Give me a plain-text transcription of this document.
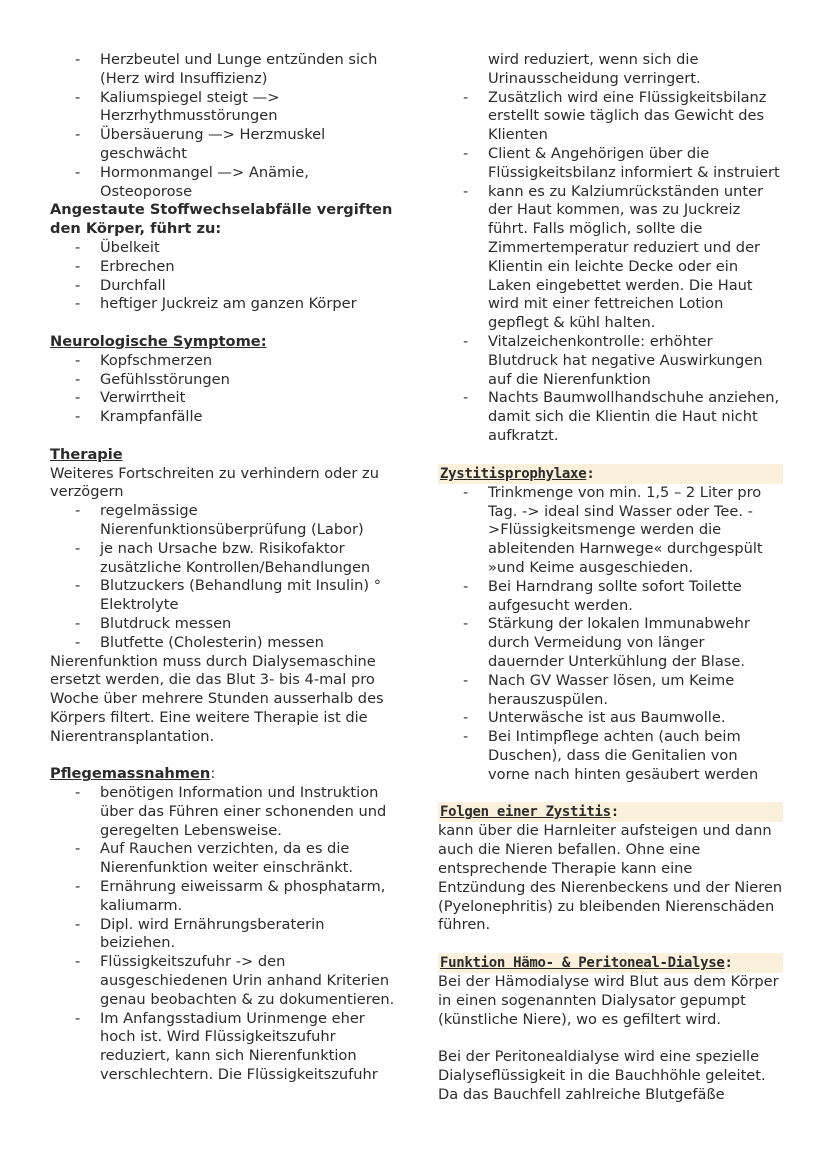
- Herzbeutel und Lunge entzünden sich (Herz wird Insuffizienz)
- Kaliumspiegel steigt —> Herzrhythmusstörungen
- Übersäuerung —> Herzmuskel geschwächt
- Hormonmangel —> Anämie, Osteoporose

Angestaute Stoffwechselabfälle vergiften den Körper, führt zu:

- Übelkeit
- Erbrechen
- Durchfall
- heftiger Juckreiz am ganzen Körper

Neurologische Symptome:

- Kopfschmerzen
- Gefühlsstörungen
- Verwirrtheit
- Krampfanfälle

Therapie

Weiteres Fortschreiten zu verhindern oder zu verzögern

- regelmässige Nierenfunktionsüberprüfung (Labor)
- je nach Ursache bzw. Risikofaktor zusätzliche Kontrollen/Behandlungen
- Blutzuckers (Behandlung mit Insulin) ° Elektrolyte
- Blutdruck messen
- Blutfette (Cholesterin) messen

Nierenfunktion muss durch Dialysemaschine ersetzt werden, die das Blut 3- bis 4-mal pro Woche über mehrere Stunden ausserhalb des Körpers filtert. Eine weitere Therapie ist die Nierentransplantation.

Pflegemassnahmen:

- benötigen Information und Instruktion über das Führen einer schonenden und geregelten Lebensweise.
- Auf Rauchen verzichten, da es die Nierenfunktion weiter einschränkt.
- Ernährung eiweissarm & phosphatarm, kaliumarm.
- Dipl. wird Ernährungsberaterin beiziehen.
- Flüssigkeitszufuhr -> den ausgeschiedenen Urin anhand Kriterien genau beobachten & zu dokumentieren.
- Im Anfangsstadium Urinmenge eher hoch ist. Wird Flüssigkeitszufuhr reduziert, kann sich Nierenfunktion verschlechtern. Die Flüssigkeitszufuhr

wird reduziert, wenn sich die Urinausscheidung verringert.

- Zusätzlich wird eine Flüssigkeitsbilanz erstellt sowie täglich das Gewicht des Klienten
- Client & Angehörigen über die Flüssigkeitsbilanz informiert & instruiert
- kann es zu Kalziumrückständen unter der Haut kommen, was zu Juckreiz führt. Falls möglich, sollte die Zimmertemperatur reduziert und der Klientin ein leichte Decke oder ein Laken eingebettet werden. Die Haut wird mit einer fettreichen Lotion gepflegt & kühl halten.
- Vitalzeichenkontrolle: erhöhter Blutdruck hat negative Auswirkungen auf die Nierenfunktion
- Nachts Baumwollhandschuhe anziehen, damit sich die Klientin die Haut nicht aufkratzt.
Zystitisprophylaxe:
- Trinkmenge von min. 1,5 – 2 Liter pro Tag. -> ideal sind Wasser oder Tee. ->Flüssigkeitsmenge werden die ableitenden Harnwege« durchgespült »und Keime ausgeschieden.
- Bei Harndrang sollte sofort Toilette aufgesucht werden.
- Stärkung der lokalen Immunabwehr durch Vermeidung von länger dauernder Unterkühlung der Blase.
- Nach GV Wasser lösen, um Keime herauszuspülen.
- Unterwäsche ist aus Baumwolle.
- Bei Intimpflege achten (auch beim Duschen), dass die Genitalien von vorne nach hinten gesäubert werden
Folgen einer Zystitis:

kann über die Harnleiter aufsteigen und dann auch die Nieren befallen. Ohne eine entsprechende Therapie kann eine Entzündung des Nierenbeckens und der Nieren (Pyelonephritis) zu bleibenden Nierenschäden führen.

Funktion Hämo- & Peritoneal-Dialyse:

Bei der Hämodialyse wird Blut aus dem Körper in einen sogenannten Dialysator gepumpt (künstliche Niere), wo es gefiltert wird.

Bei der Peritonealdialyse wird eine spezielle Dialyseflüssigkeit in die Bauchhöhle geleitet. Da das Bauchfell zahlreiche Blutgefäße
